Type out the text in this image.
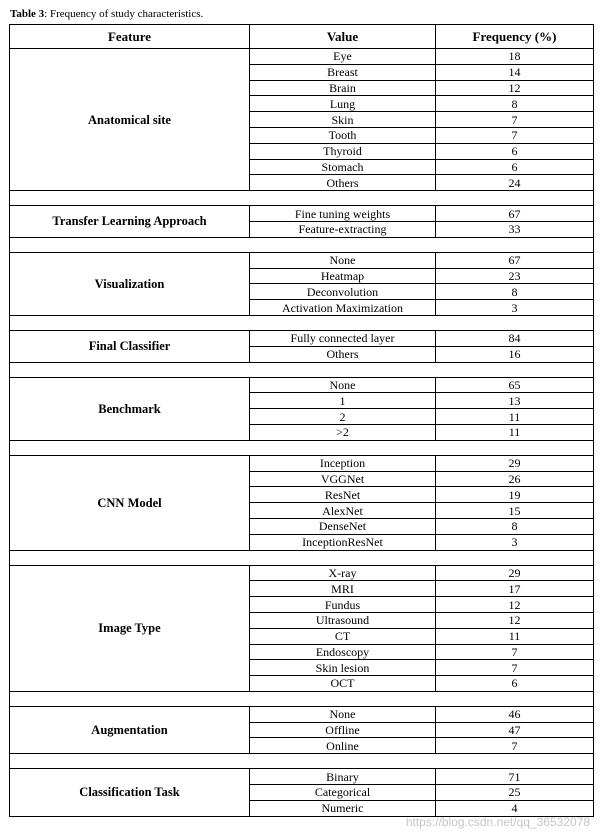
Table 3: Frequency of study characteristics.
Feature	Value	Frequency (%)
Anatomical site	Eye	18
	Breast	14
	Brain	12
	Lung	8
	Skin	7
	Tooth	7
	Thyroid	6
	Stomach	6
	Others	24

Transfer Learning Approach	Fine tuning weights	67
	Feature-extracting	33

Visualization	None	67
	Heatmap	23
	Deconvolution	8
	Activation Maximization	3

Final Classifier	Fully connected layer	84
	Others	16

Benchmark	None	65
	1	13
	2	11
	>2	11

CNN Model	Inception	29
	VGGNet	26
	ResNet	19
	AlexNet	15
	DenseNet	8
	InceptionResNet	3

Image Type	X-ray	29
	MRI	17
	Fundus	12
	Ultrasound	12
	CT	11
	Endoscopy	7
	Skin lesion	7
	OCT	6

Augmentation	None	46
	Offline	47
	Online	7

Classification Task	Binary	71
	Categorical	25
	Numeric	4
https://blog.csdn.net/qq_36532078
